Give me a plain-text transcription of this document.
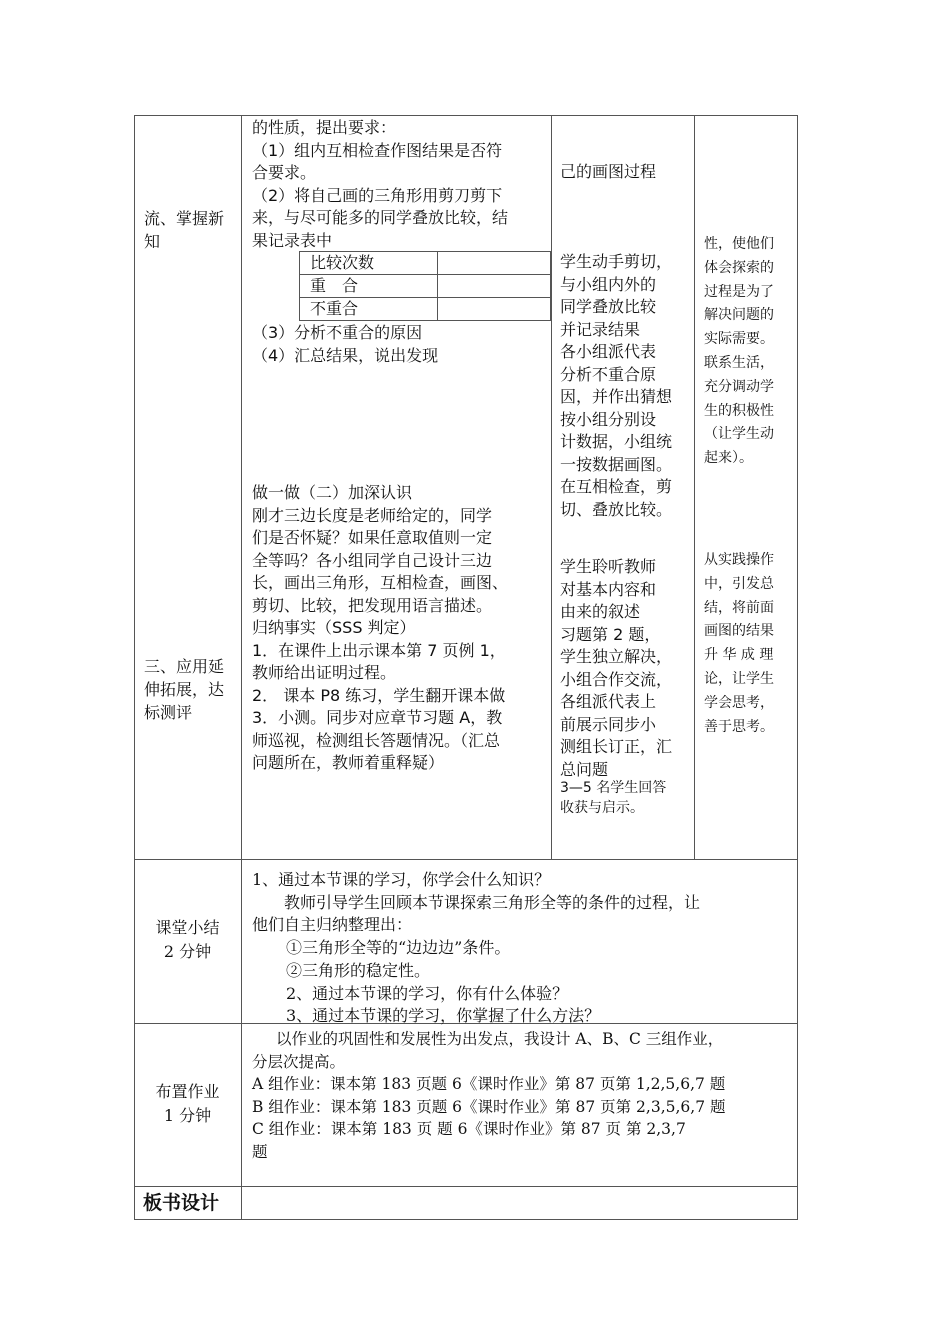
流、掌握新知

的性质，提出要求：

（1）组内互相检查作图结果是否符

合要求。

（2）将自己画的三角形用剪刀剪下

来，与尽可能多的同学叠放比较，结

果记录表中

比较次数
重　合
不重合

（3）分析不重合的原因

（4）汇总结果，说出发现

己的画图过程

学生动手剪切，

与小组内外的

同学叠放比较

并记录结果

各小组派代表

分析不重合原

因，并作出猜想

按小组分别设

计数据，小组统

一按数据画图。

在互相检查，剪

切、叠放比较。

性，使他们

体会探索的

过程是为了

解决问题的

实际需要。

联系生活，

充分调动学

生的积极性

（让学生动

起来）。

三、应用延伸拓展，达标测评

做一做（二）加深认识

刚才三边长度是老师给定的，同学

们是否怀疑？如果任意取值则一定

全等吗？各小组同学自己设计三边

长，画出三角形，互相检查，画图、

剪切、比较，把发现用语言描述。

归纳事实（SSS 判定）

1．在课件上出示课本第 7 页例 1，

教师给出证明过程。

2． 课本 P8 练习，学生翻开课本做

3．小测。同步对应章节习题 A，教

师巡视，检测组长答题情况。（汇总

问题所在，教师着重释疑）

学生聆听教师

对基本内容和

由来的叙述

习题第 2 题，

学生独立解决，

小组合作交流，

各组派代表上

前展示同步小

测组长订正，汇

总问题

3—5 名学生回答

收获与启示。

从实践操作

中，引发总

结，将前面

画图的结果

升 华 成 理

论，让学生

学会思考，

善于思考。

课堂小结
2 分钟

1、通过本节课的学习，你学会什么知识？

教师引导学生回顾本节课探索三角形全等的条件的过程，让

他们自主归纳整理出：

①三角形全等的“边边边”条件。

②三角形的稳定性。

2、通过本节课的学习，你有什么体验？

3、通过本节课的学习，你掌握了什么方法？

布置作业
1 分钟

以作业的巩固性和发展性为出发点，我设计 A、B、C 三组作业，

分层次提高。

A 组作业：课本第 183 页题 6《课时作业》第 87 页第 1,2,5,6,7 题

B 组作业：课本第 183 页题 6《课时作业》第 87 页第 2,3,5,6,7 题

C 组作业：课本第 183 页 题 6《课时作业》第 87 页 第 2,3,7

题

板书设计
